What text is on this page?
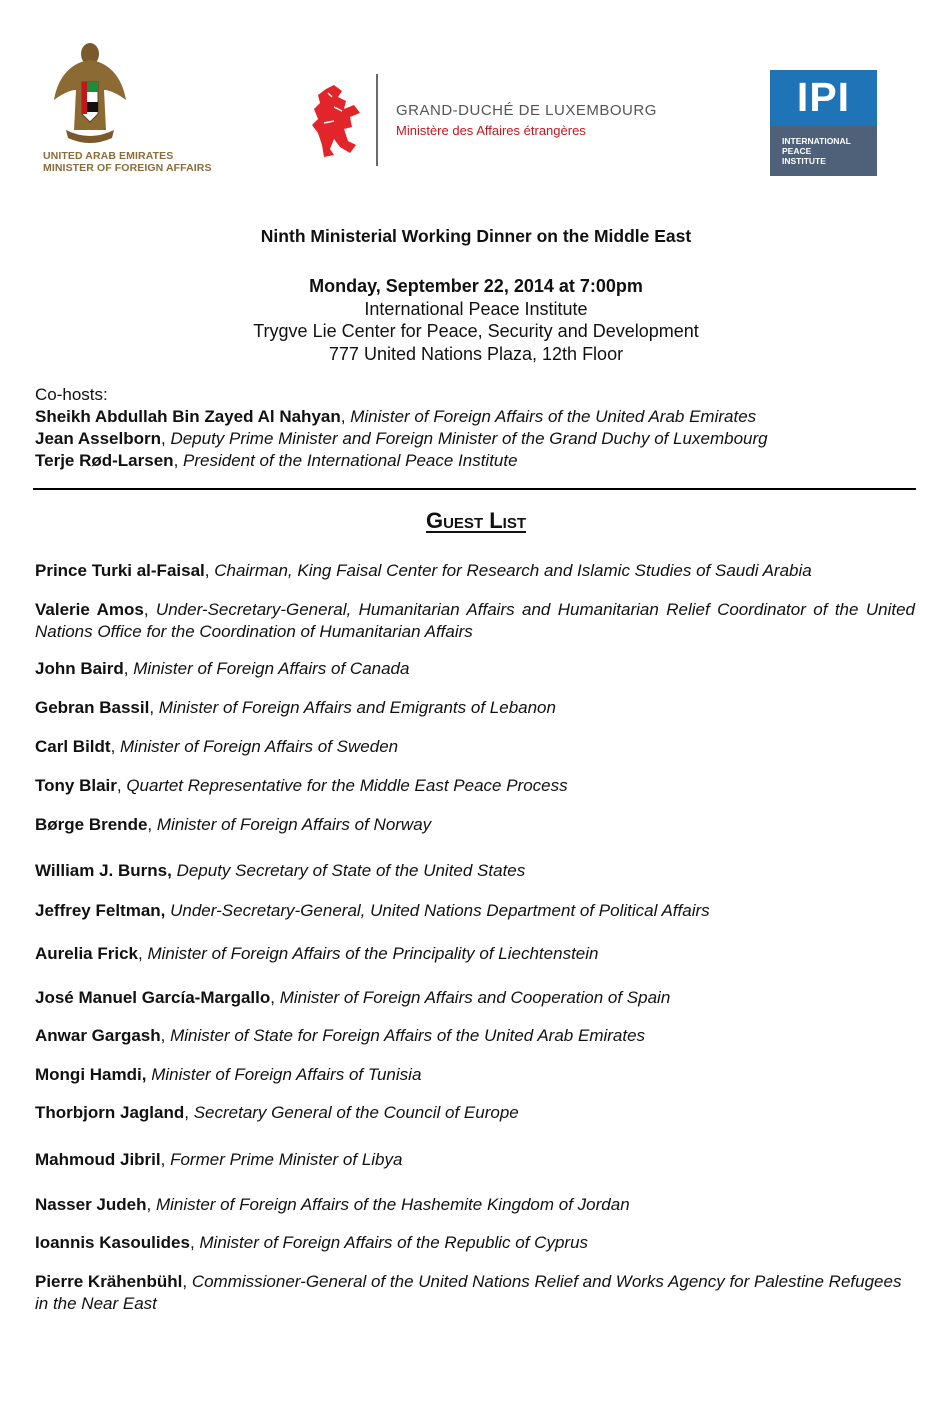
UNITED ARAB EMIRATES
MINISTER OF FOREIGN AFFAIRS
GRAND-DUCHÉ DE LUXEMBOURG
Ministère des Affaires étrangères
IPI
INTERNATIONAL
PEACE
INSTITUTE
Ninth Ministerial Working Dinner on the Middle East
Monday, September 22, 2014 at 7:00pm
International Peace Institute
Trygve Lie Center for Peace, Security and Development
777 United Nations Plaza, 12th Floor
Co-hosts:
Sheikh Abdullah Bin Zayed Al Nahyan, Minister of Foreign Affairs of the United Arab Emirates
Jean Asselborn, Deputy Prime Minister and Foreign Minister of the Grand Duchy of Luxembourg
Terje Rød-Larsen, President of the International Peace Institute
Guest List
Prince Turki al-Faisal, Chairman, King Faisal Center for Research and Islamic Studies of Saudi Arabia
Valerie Amos, Under-Secretary-General, Humanitarian Affairs and Humanitarian Relief Coordinator of the United Nations Office for the Coordination of Humanitarian Affairs
John Baird, Minister of Foreign Affairs of Canada
Gebran Bassil, Minister of Foreign Affairs and Emigrants of Lebanon
Carl Bildt, Minister of Foreign Affairs of Sweden
Tony Blair, Quartet Representative for the Middle East Peace Process
Børge Brende, Minister of Foreign Affairs of Norway
William J. Burns, Deputy Secretary of State of the United States
Jeffrey Feltman, Under-Secretary-General, United Nations Department of Political Affairs
Aurelia Frick, Minister of Foreign Affairs of the Principality of Liechtenstein
José Manuel García-Margallo, Minister of Foreign Affairs and Cooperation of Spain
Anwar Gargash, Minister of State for Foreign Affairs of the United Arab Emirates
Mongi Hamdi, Minister of Foreign Affairs of Tunisia
Thorbjorn Jagland, Secretary General of the Council of Europe
Mahmoud Jibril, Former Prime Minister of Libya
Nasser Judeh, Minister of Foreign Affairs of the Hashemite Kingdom of Jordan
Ioannis Kasoulides, Minister of Foreign Affairs of the Republic of Cyprus
Pierre Krähenbühl, Commissioner-General of the United Nations Relief and Works Agency for Palestine Refugees in the Near East
